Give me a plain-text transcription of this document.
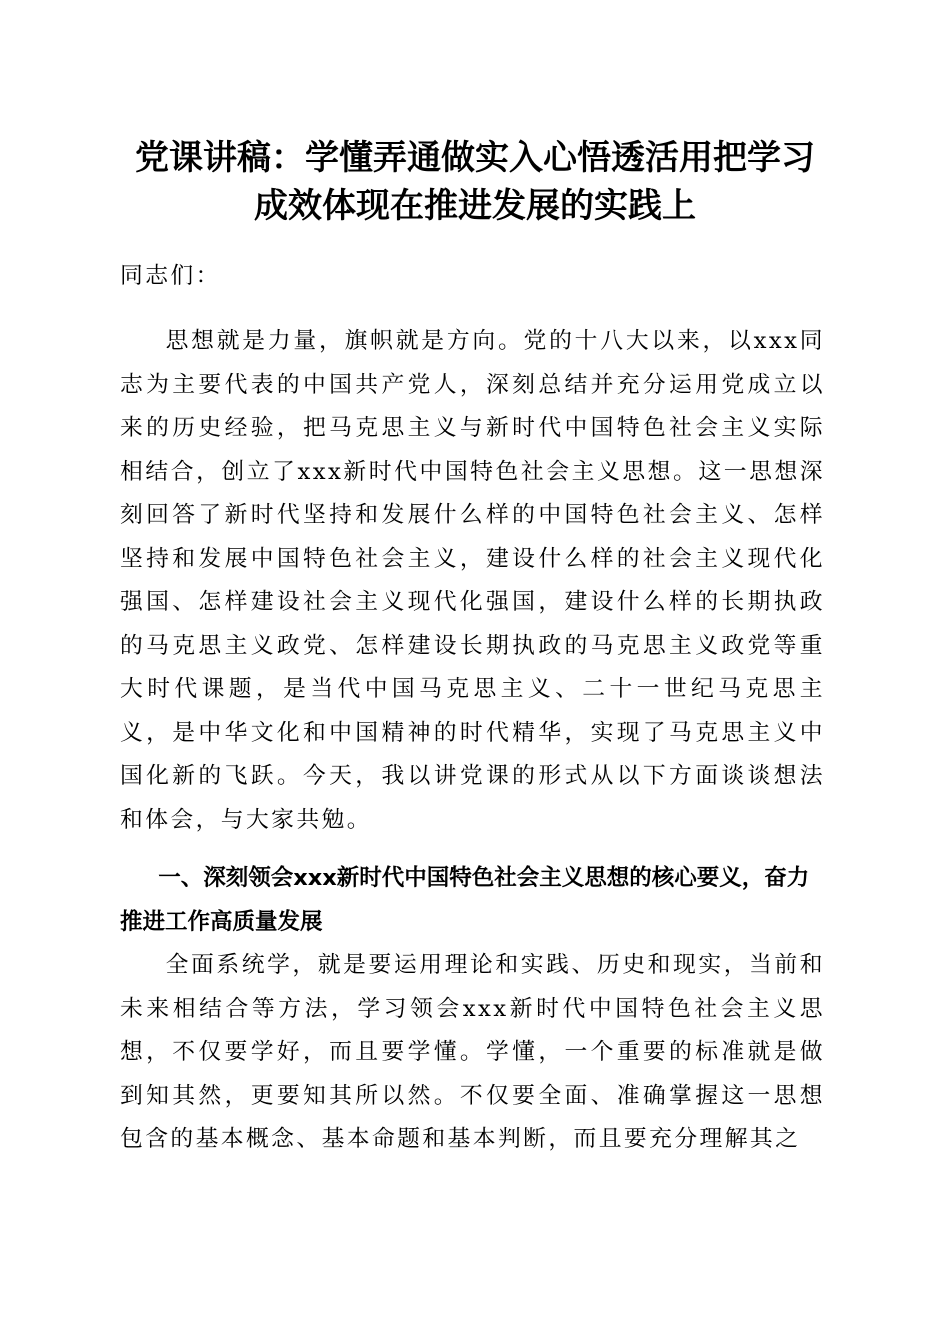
党课讲稿：学懂弄通做实入心悟透活用把学习
成效体现在推进发展的实践上
同志们：
思想就是力量，旗帜就是方向。党的十八大以来，以xxx同志为主要代表的中国共产党人，深刻总结并充分运用党成立以来的历史经验，把马克思主义与新时代中国特色社会主义实际相结合，创立了xxx新时代中国特色社会主义思想。这一思想深刻回答了新时代坚持和发展什么样的中国特色社会主义、怎样坚持和发展中国特色社会主义，建设什么样的社会主义现代化强国、怎样建设社会主义现代化强国，建设什么样的长期执政的马克思主义政党、怎样建设长期执政的马克思主义政党等重大时代课题，是当代中国马克思主义、二十一世纪马克思主义，是中华文化和中国精神的时代精华，实现了马克思主义中国化新的飞跃。今天，我以讲党课的形式从以下方面谈谈想法和体会，与大家共勉。
一、深刻领会xxx新时代中国特色社会主义思想的核心要义，奋力推进工作高质量发展
全面系统学，就是要运用理论和实践、历史和现实，当前和未来相结合等方法，学习领会xxx新时代中国特色社会主义思想，不仅要学好，而且要学懂。学懂，一个重要的标准就是做到知其然，更要知其所以然。不仅要全面、准确掌握这一思想包含的基本概念、基本命题和基本判断，而且要充分理解其之
